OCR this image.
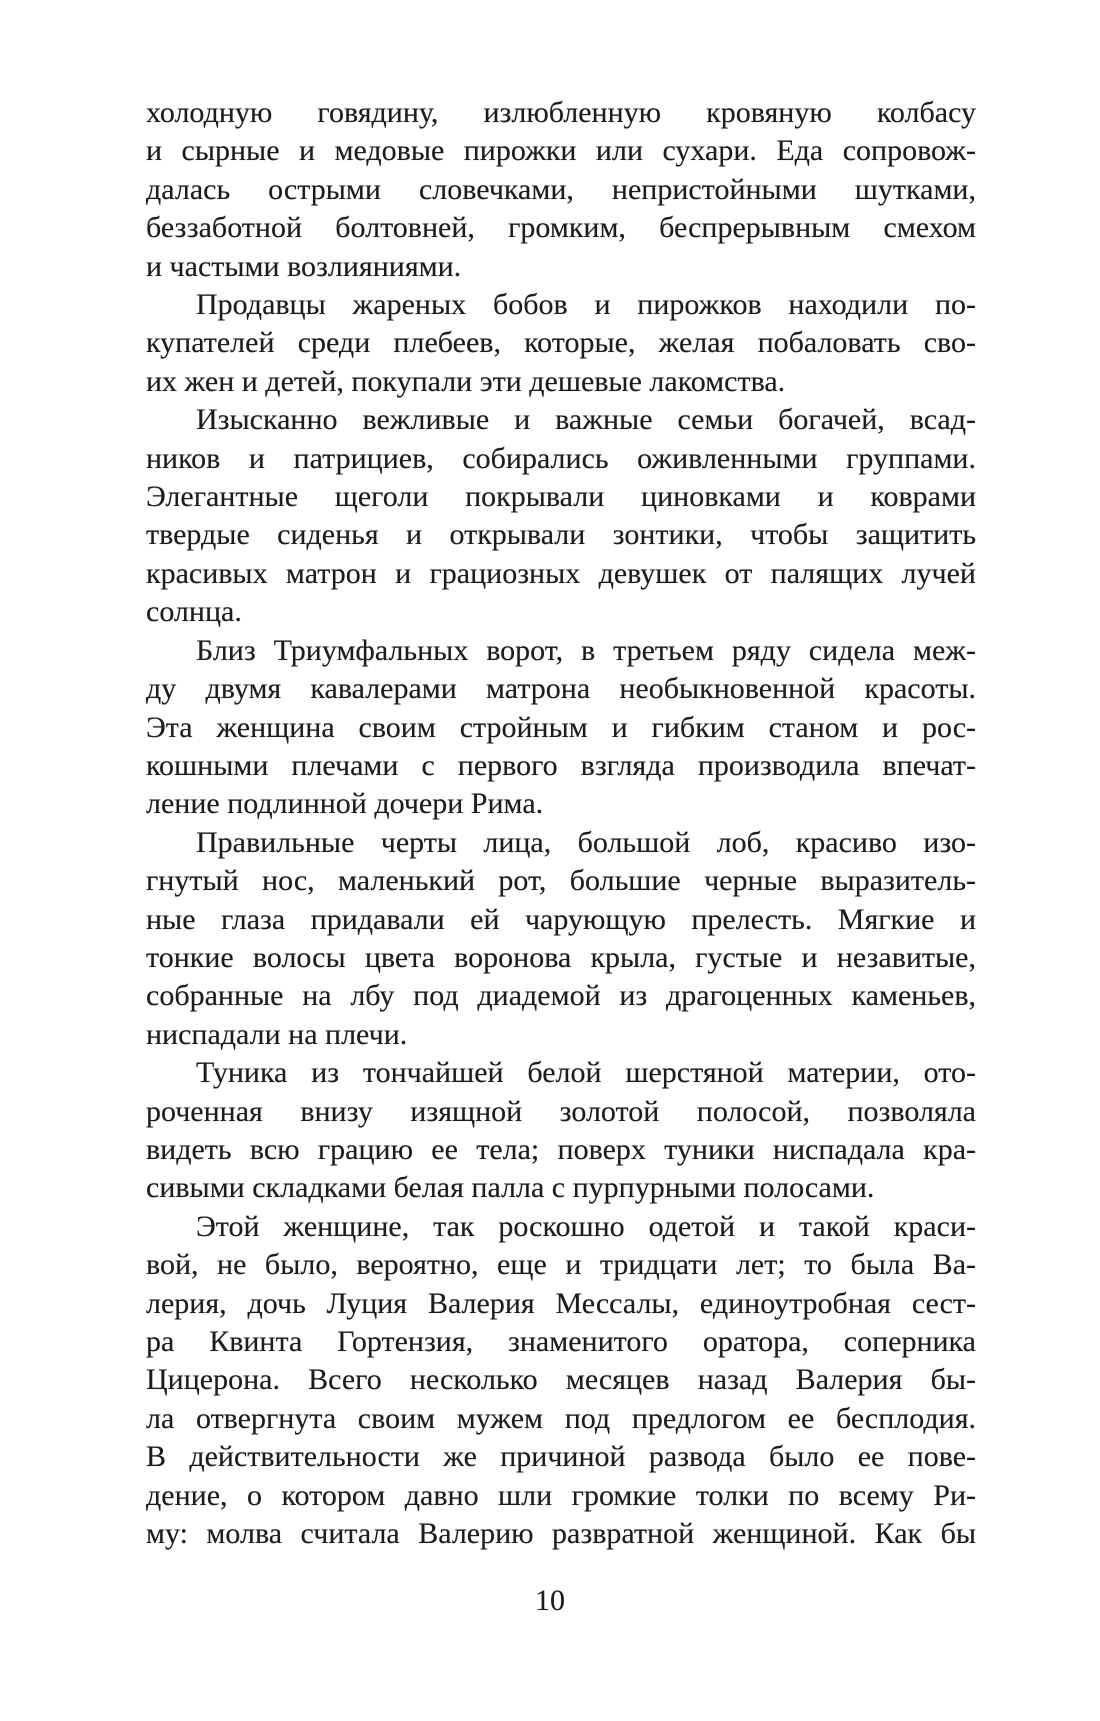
холодную говядину, излюбленную кровяную колбасу
и сырные и медовые пирожки или сухари. Еда сопровож-
далась острыми словечками, непристойными шутками,
беззаботной болтовней, громким, беспрерывным смехом
и частыми возлияниями.
Продавцы жареных бобов и пирожков находили по-
купателей среди плебеев, которые, желая побаловать сво-
их жен и детей, покупали эти дешевые лакомства.
Изысканно вежливые и важные семьи богачей, всад-
ников и патрициев, собирались оживленными группами.
Элегантные щеголи покрывали циновками и коврами
твердые сиденья и открывали зонтики, чтобы защитить
красивых матрон и грациозных девушек от палящих лучей
солнца.
Близ Триумфальных ворот, в третьем ряду сидела меж-
ду двумя кавалерами матрона необыкновенной красоты.
Эта женщина своим стройным и гибким станом и рос-
кошными плечами с первого взгляда производила впечат-
ление подлинной дочери Рима.
Правильные черты лица, большой лоб, красиво изо-
гнутый нос, маленький рот, большие черные выразитель-
ные глаза придавали ей чарующую прелесть. Мягкие и
тонкие волосы цвета воронова крыла, густые и незавитые,
собранные на лбу под диадемой из драгоценных каменьев,
ниспадали на плечи.
Туника из тончайшей белой шерстяной материи, ото-
роченная внизу изящной золотой полосой, позволяла
видеть всю грацию ее тела; поверх туники ниспадала кра-
сивыми складками белая палла с пурпурными полосами.
Этой женщине, так роскошно одетой и такой краси-
вой, не было, вероятно, еще и тридцати лет; то была Ва-
лерия, дочь Луция Валерия Мессалы, единоутробная сест-
ра Квинта Гортензия, знаменитого оратора, соперника
Цицерона. Всего несколько месяцев назад Валерия бы-
ла отвергнута своим мужем под предлогом ее бесплодия.
В действительности же причиной развода было ее пове-
дение, о котором давно шли громкие толки по всему Ри-
му: молва считала Валерию развратной женщиной. Как бы
10
